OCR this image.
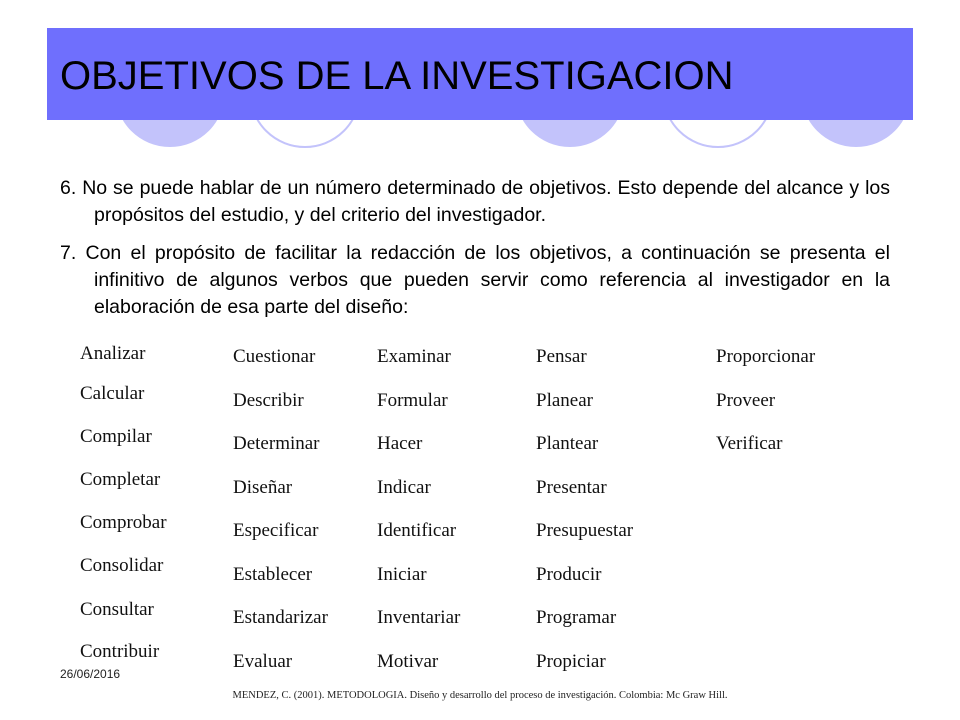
OBJETIVOS DE LA INVESTIGACION

6. No se puede hablar de un número determinado de objetivos. Esto depende del alcance y los propósitos del estudio, y del criterio del investigador.

7. Con el propósito de facilitar la redacción de los objetivos, a continuación se presenta el infinitivo de algunos verbos que pueden servir como referencia al investigador en la elaboración de esa parte del diseño:

Analizar
Calcular
Compilar
Completar
Comprobar
Consolidar
Consultar
Contribuir
Cuestionar
Describir
Determinar
Diseñar
Especificar
Establecer
Estandarizar
Evaluar
Examinar
Formular
Hacer
Indicar
Identificar
Iniciar
Inventariar
Motivar
Pensar
Planear
Plantear
Presentar
Presupuestar
Producir
Programar
Propiciar
Proporcionar
Proveer
Verificar
26/06/2016
MENDEZ, C. (2001). METODOLOGIA. Diseño y desarrollo del proceso de investigación. Colombia: Mc Graw Hill.
